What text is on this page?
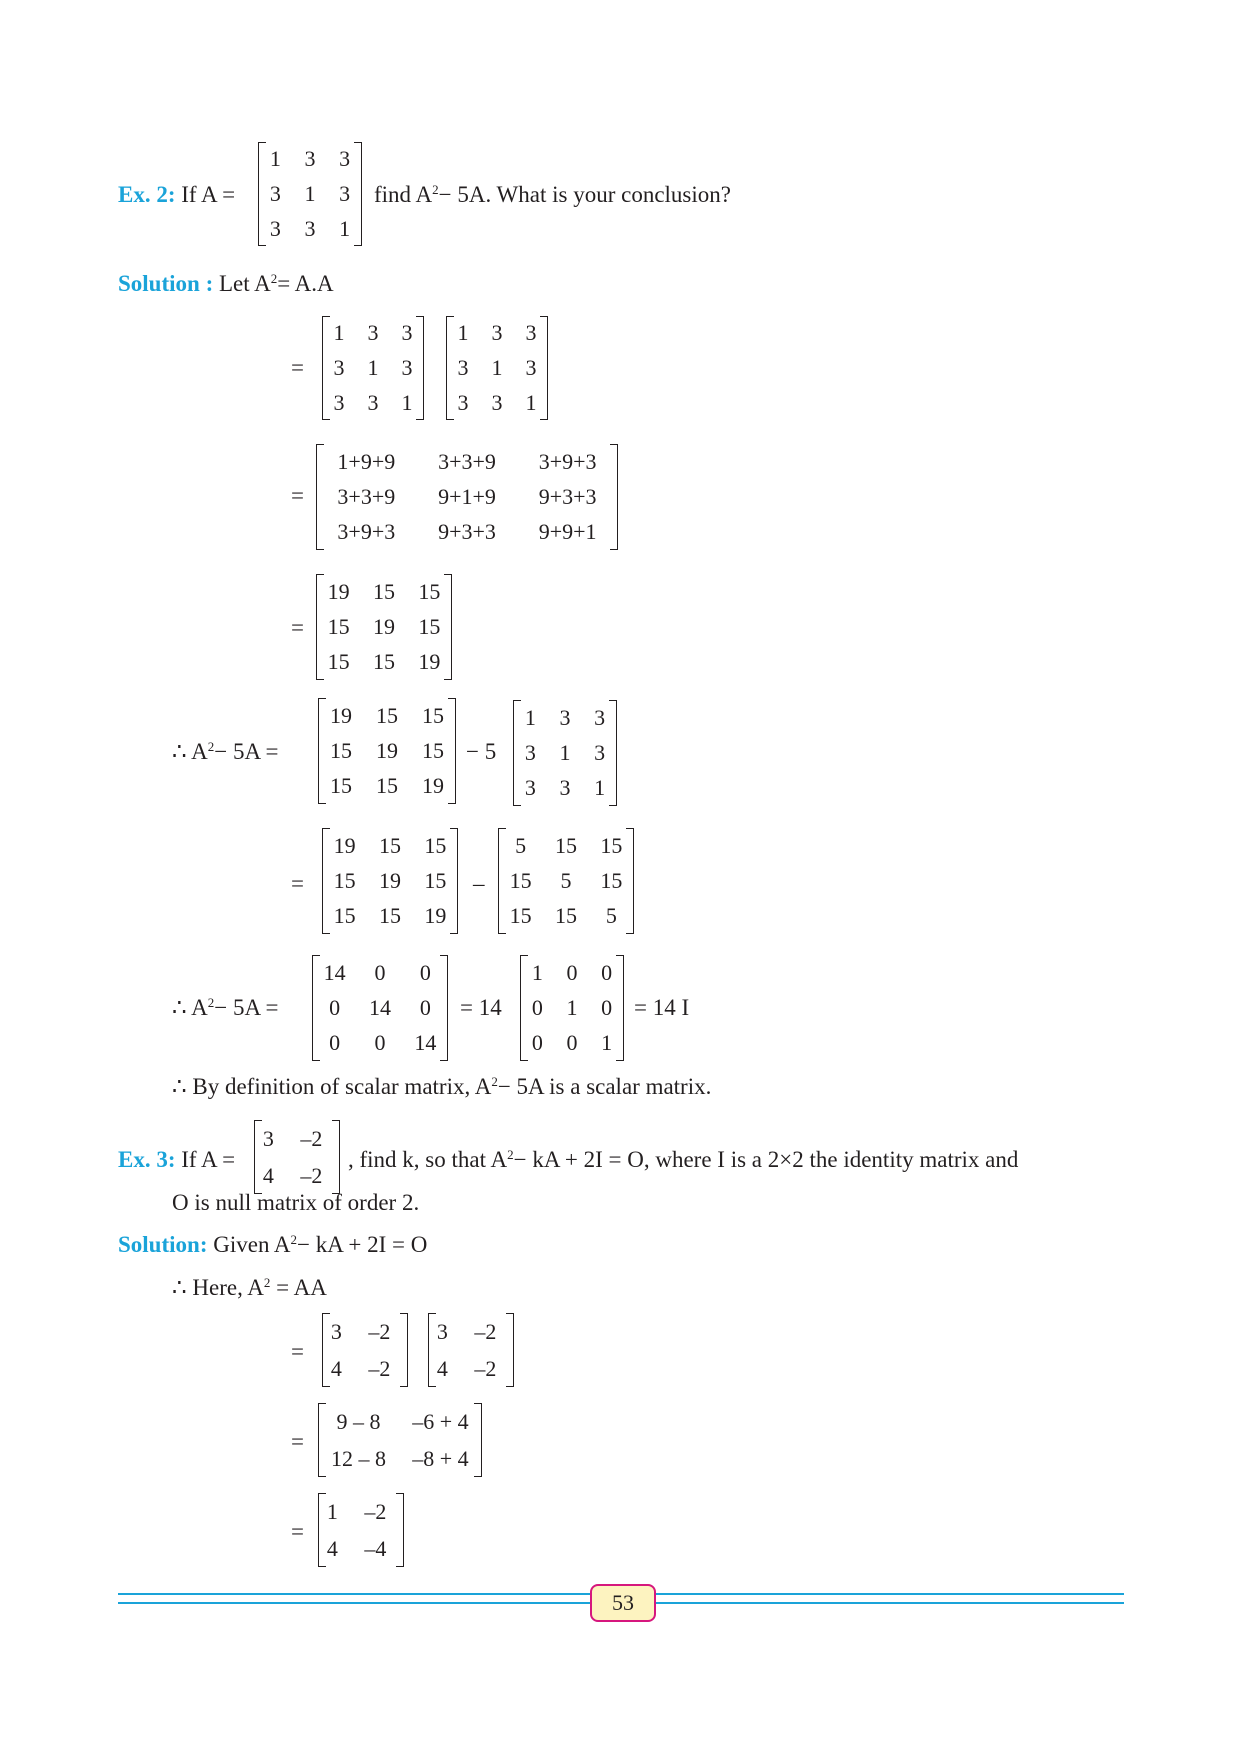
Ex. 2: If A =
1	3	3
3	1	3
3	3	1
find $A^2- 5A$. What is your conclusion?
Solution : Let $A^2= A.A$
=
1	3	3
3	1	3
3	3	1
1	3	3
3	1	3
3	3	1
=
1+9+9	3+3+9	3+9+3
3+3+9	9+1+9	9+3+3
3+9+3	9+3+3	9+9+1
=
19	15	15
15	19	15
15	15	19
∴ $A^2- 5A$ =
19	15	15
15	19	15
15	15	19
− 5
1	3	3
3	1	3
3	3	1
=
19	15	15
15	19	15
15	15	19
–
5	15	15
15	5	15
15	15	5
∴ $A^2- 5A$ =
14	0	0
0	14	0
0	0	14
= 14
1	0	0
0	1	0
0	0	1
= 14 I
∴ By definition of scalar matrix, $A^2- 5A$ is a scalar matrix.
Ex. 3: If A =
3	–2
4	–2
, find k, so that $A^2-$ kA + 2I = O, where I is a 2×2 the identity matrix and
O is null matrix of order 2.
Solution: Given $A^2-$ kA + 2I = O
∴ Here, $A^2$ = AA
=
3	–2
4	–2
3	–2
4	–2
=
9 – 8	–6 + 4
12 – 8	–8 + 4
=
1	–2
4	–4
53
